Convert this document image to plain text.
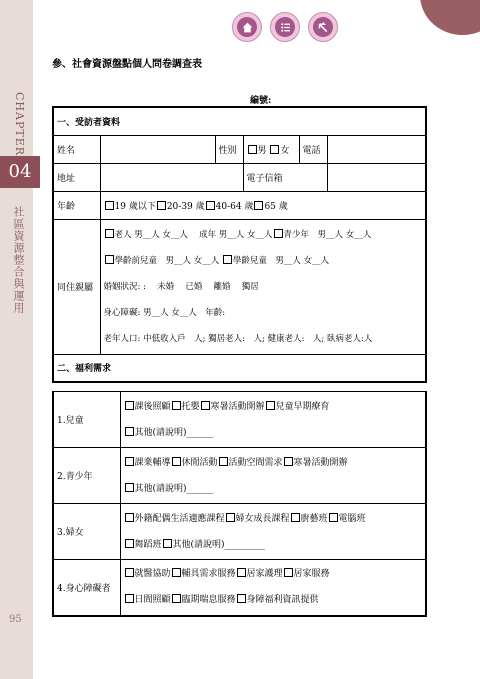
CHAPTER
04
社區資源整合與運用
95
參、社會資源盤點個人問卷調查表
編號:
一、受訪者資料					
姓名		性別	男 女	電話	
地址			電子信箱		
年齡	19 歲以下 20-39 歲 40-64 歲 65 歲				
同住親屬	老人 男__人 女__人 　成年 男__人 女__人 青少年　男__人 女__人
學齡前兒童　男__人 女__人 學齡兒童　男__人 女__人
婚姻狀況: : 　未婚 　已婚 　離婚 　獨居
身心障礙: 男__人 女__人　年齡:
老年人口: 中低收入戶　人; 獨居老人:　人; 健康老人:　人; 臥病老人:人				

二、福利需求					
1.兒童	課後照顧 托嬰 寒暑活動開辦 兒童早期療育
其他(請說明)______

2.青少年	課業輔導 休閒活動 活動空間需求 寒暑活動開辦
其他(請說明)______

3.婦女	外籍配偶生活適應課程 婦女成長課程 廚藝班 電腦班
舞蹈班 其他(請說明)_________

4.身心障礙者	就醫協助 輔具需求服務 居家護理 居家服務
日間照顧 臨期喘息服務 身障福利資訊提供
